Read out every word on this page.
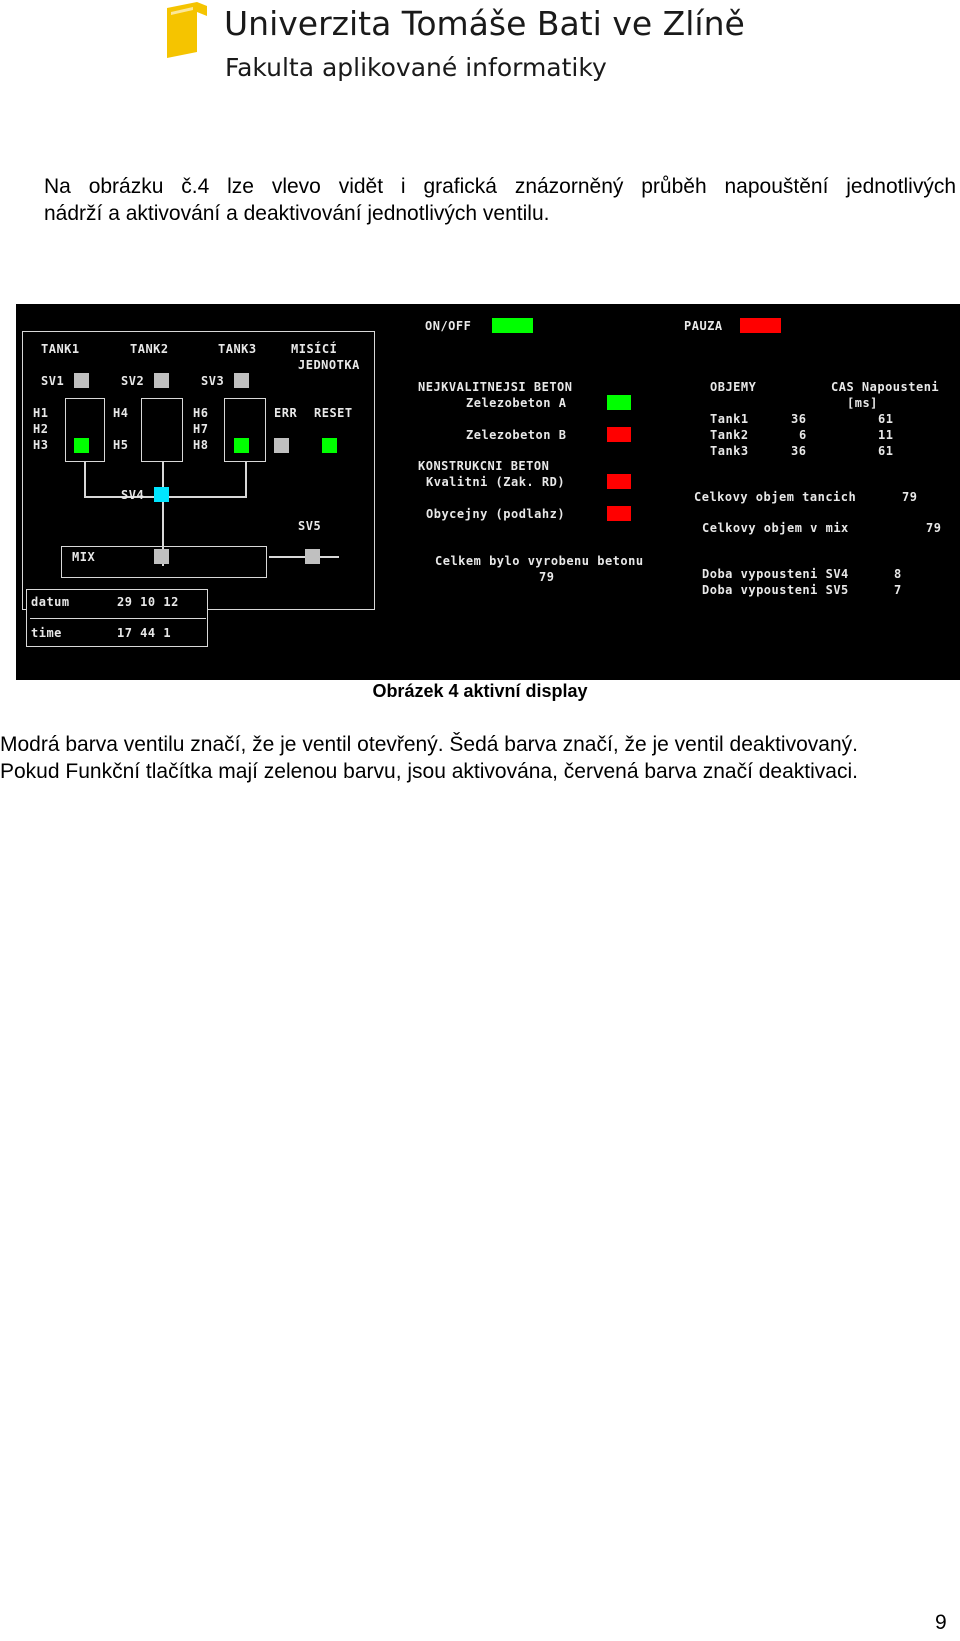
Univerzita Tomáše Bati ve Zlíně
Fakulta aplikované informatiky
Na obrázku č.4 lze vlevo vidět i grafická znázorněný průběh napouštění jednotlivých
nádrží a aktivování a deaktivování jednotlivých ventilu.
TANK1	TANK2	TANK3	MISÍCÍ
JEDNOTKA
SV1	SV2	SV3
H1
H2
H3
H4
H5
H6
H7
H8
ERR RESET
SV4
SV5
MIX
datum	29 10 12
time	17 44 1
ON/OFF	PAUZA
NEJKVALITNEJSI BETON
Zelezobeton A
Zelezobeton B
KONSTRUKCNI BETON
Kvalitni (Zak. RD)
Obycejny (podlahz)
Celkem bylo vyrobenu betonu
79
OBJEMY	CAS Napousteni
[ms]
Tank1	36	61
Tank2	6	11
Tank3	36	61
Celkovy objem tancich	79
Celkovy objem v mix	79
Doba vypousteni SV4	8
Doba vypousteni SV5	7
Obrázek 4 aktivní display
Modrá barva ventilu značí, že je ventil otevřený. Šedá barva značí, že je ventil deaktivovaný.
Pokud Funkční tlačítka mají zelenou barvu, jsou aktivována, červená barva značí deaktivaci.
9
